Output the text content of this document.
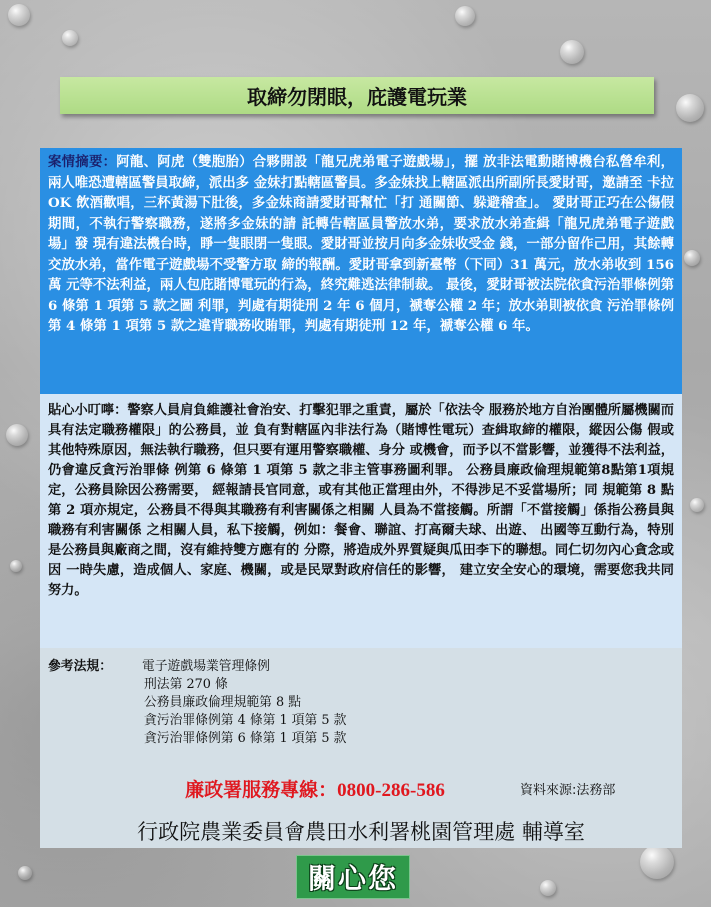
取締勿閉眼，庇護電玩業
案情摘要：阿龍、阿虎（雙胞胎）合夥開設「龍兄虎弟電子遊戲場」，擺 放非法電動賭博機台私營牟利，兩人唯恐遭轄區警員取締，派出多 金妹打點轄區警員。多金妹找上轄區派出所副所長愛財哥，邀請至 卡拉 OK 飲酒歡唱，三杯黃湯下肚後，多金妹商請愛財哥幫忙「打 通關節、躲避稽查」。 愛財哥正巧在公傷假期間，不執行警察職務，遂將多金妹的請 託轉告轄區員警放水弟，要求放水弟查緝「龍兄虎弟電子遊戲場」發 現有違法機台時，睜一隻眼閉一隻眼。愛財哥並按月向多金妹收受金 錢，一部分留作己用，其餘轉交放水弟，當作電子遊戲場不受警方取 締的報酬。愛財哥拿到新臺幣（下同）31 萬元，放水弟收到 156 萬 元等不法利益，兩人包庇賭博電玩的行為，終究難逃法律制裁。 最後，愛財哥被法院依貪污治罪條例第 6 條第 1 項第 5 款之圖 利罪，判處有期徒刑 2 年 6 個月，褫奪公權 2 年；放水弟則被依貪 污治罪條例第 4 條第 1 項第 5 款之違背職務收賄罪，判處有期徒刑 12 年，褫奪公權 6 年。
貼心小叮嚀：警察人員肩負維護社會治安、打擊犯罪之重責，屬於「依法令 服務於地方自治團體所屬機關而具有法定職務權限」的公務員，並 負有對轄區內非法行為（賭博性電玩）查緝取締的權限，縱因公傷 假或其他特殊原因，無法執行職務，但只要有運用警察職權、身分 或機會，而予以不當影響，並獲得不法利益，仍會違反貪污治罪條 例第 6 條第 1 項第 5 款之非主管事務圖利罪。 公務員廉政倫理規範第8點第1項規定，公務員除因公務需要， 經報請長官同意，或有其他正當理由外，不得涉足不妥當場所；同 規範第 8 點第 2 項亦規定，公務員不得與其職務有利害關係之相關 人員為不當接觸。所謂「不當接觸」係指公務員與職務有利害關係 之相關人員，私下接觸，例如：餐會、聯誼、打高爾夫球、出遊、 出國等互動行為，特別是公務員與廠商之間，沒有維持雙方應有的 分際，將造成外界質疑與瓜田李下的聯想。同仁切勿內心貪念或因 一時失慮，造成個人、家庭、機關，或是民眾對政府信任的影響， 建立安全安心的環境，需要您我共同努力。
參考法規：	電子遊戲場業管理條例
刑法第 270 條
公務員廉政倫理規範第 8 點
貪污治罪條例第 4 條第 1 項第 5 款
貪污治罪條例第 6 條第 1 項第 5 款
廉政署服務專線：0800-286-586	資料來源:法務部
行政院農業委員會農田水利署桃園管理處 輔導室
關心您
